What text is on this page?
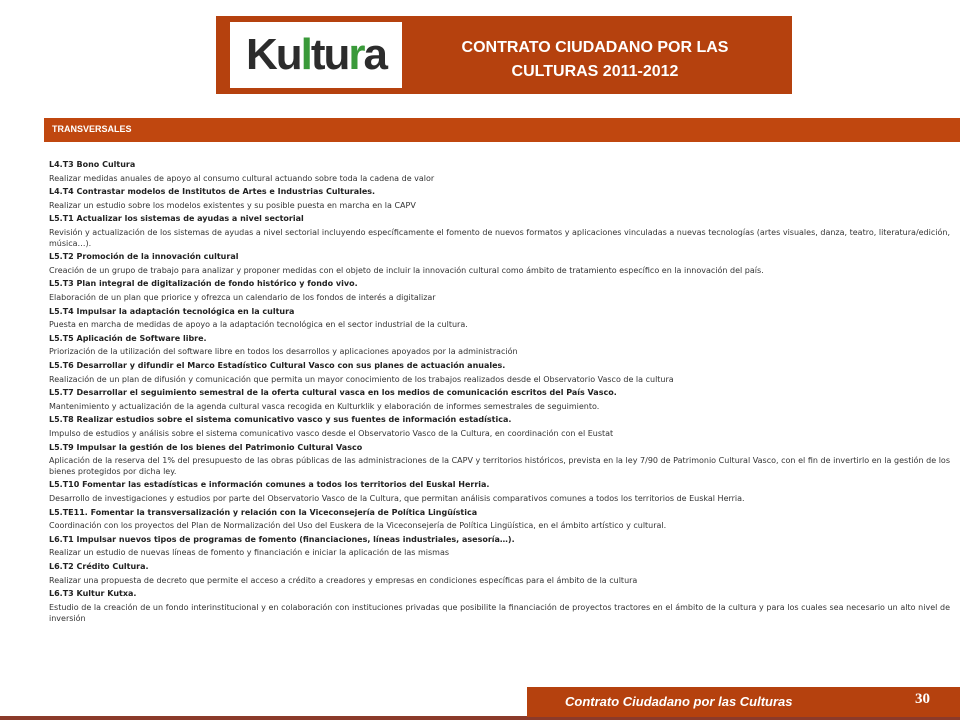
Ku l tu r a	CONTRATO CIUDADANO POR LAS
CULTURAS 2011-2012
TRANSVERSALES
L4.T3 Bono Cultura
Realizar medidas anuales de apoyo al consumo cultural actuando sobre toda la cadena de valor
L4.T4 Contrastar modelos de Institutos de Artes e Industrias Culturales.
Realizar un estudio sobre los modelos existentes y su posible puesta en marcha en la CAPV
L5.T1 Actualizar los sistemas de ayudas a nivel sectorial
Revisión y actualización de los sistemas de ayudas a nivel sectorial incluyendo específicamente el fomento de nuevos formatos y aplicaciones vinculadas a nuevas tecnologías (artes visuales, danza, teatro, literatura/edición, música…).
L5.T2 Promoción de la innovación cultural
Creación de un grupo de trabajo para analizar y proponer medidas con el objeto de incluir la innovación cultural como ámbito de tratamiento específico en la innovación del país.
L5.T3 Plan integral de digitalización de fondo histórico y fondo vivo.
Elaboración de un plan que priorice y ofrezca un calendario de los fondos de interés a digitalizar
L5.T4 Impulsar la adaptación tecnológica en la cultura
Puesta en marcha de medidas de apoyo a la adaptación tecnológica en el sector industrial de la cultura.
L5.T5 Aplicación de Software libre.
Priorización de la utilización del software libre en todos los desarrollos y aplicaciones apoyados por la administración
L5.T6 Desarrollar y difundir el Marco Estadístico Cultural Vasco con sus planes de actuación anuales.
Realización de un plan de difusión y comunicación que permita un mayor conocimiento de los trabajos realizados desde el Observatorio Vasco de la cultura
L5.T7 Desarrollar el seguimiento semestral de la oferta cultural vasca en los medios de comunicación escritos del País Vasco.
Mantenimiento y actualización de la agenda cultural vasca recogida en Kulturklik y elaboración de informes semestrales de seguimiento.
L5.T8 Realizar estudios sobre el sistema comunicativo vasco y sus fuentes de información estadística.
Impulso de estudios y análisis sobre el sistema comunicativo vasco desde el Observatorio Vasco de la Cultura, en coordinación con el Eustat
L5.T9 Impulsar la gestión de los bienes del Patrimonio Cultural Vasco
Aplicación de la reserva del 1% del presupuesto de las obras públicas de las administraciones de la CAPV y territorios históricos, prevista en la ley 7/90 de Patrimonio Cultural Vasco, con el fin de invertirlo en la gestión de los bienes protegidos por dicha ley.
L5.T10 Fomentar las estadísticas e información comunes a todos los territorios del Euskal Herria.
Desarrollo de investigaciones y estudios por parte del Observatorio Vasco de la Cultura, que permitan análisis comparativos comunes a todos los territorios de Euskal Herria.
L5.TE11. Fomentar la transversalización y relación con la Viceconsejería de Política Lingüística
Coordinación con los proyectos del Plan de Normalización del Uso del Euskera de la Viceconsejería de Política Lingüística, en el ámbito artístico y cultural.
L6.T1 Impulsar nuevos tipos de programas de fomento (financiaciones, líneas industriales, asesoría…).
Realizar un estudio de nuevas líneas de fomento y financiación e iniciar la aplicación de las mismas
L6.T2 Crédito Cultura.
Realizar una propuesta de decreto que permite el acceso a crédito a creadores y empresas en condiciones específicas para el ámbito de la cultura
L6.T3 Kultur Kutxa.
Estudio de la creación de un fondo interinstitucional y en colaboración con instituciones privadas que posibilite la financiación de proyectos tractores en el ámbito de la cultura y para los cuales sea necesario un alto nivel de inversión
Contrato Ciudadano por las Culturas	30
